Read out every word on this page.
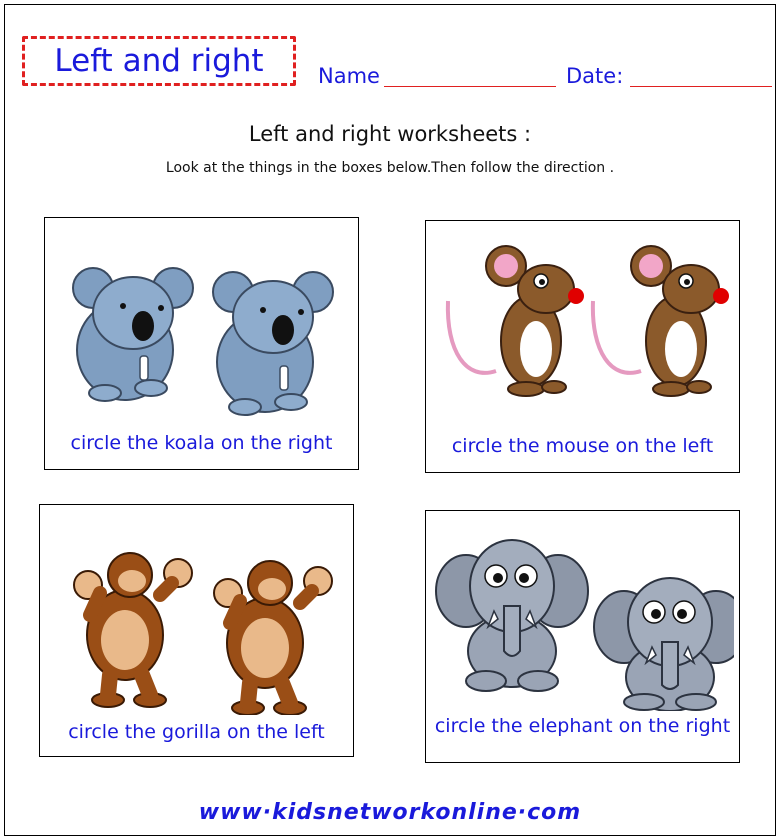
Left and right	Name	Date:
Left and right worksheets :
Look at the things in the boxes below.Then follow the direction .
circle the koala on the right	circle the mouse on the left
circle the gorilla on the left	circle the elephant on the right
www·kidsnetworkonline·com
